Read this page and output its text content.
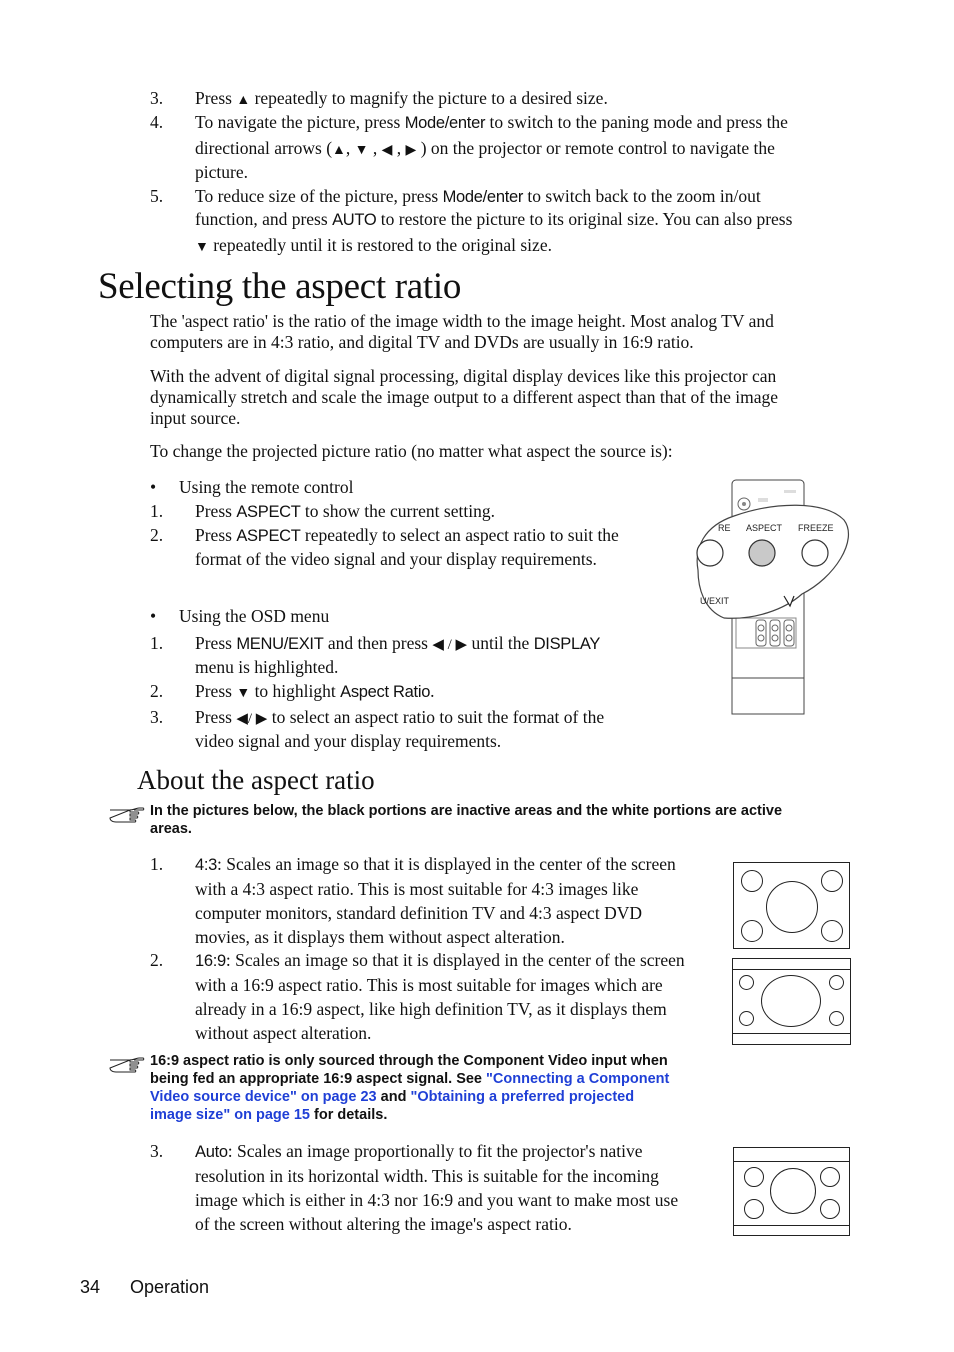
3. Press ▲ repeatedly to magnify the picture to a desired size.
4. To navigate the picture, press Mode/enter to switch to the paning mode and press the
directional arrows (▲, ▼ , ◀ , ▶ ) on the projector or remote control to navigate the
picture.
5. To reduce size of the picture, press Mode/enter to switch back to the zoom in/out
function, and press AUTO to restore the picture to its original size. You can also press
▼ repeatedly until it is restored to the original size.
Selecting the aspect ratio
The 'aspect ratio' is the ratio of the image width to the image height. Most analog TV and
computers are in 4:3 ratio, and digital TV and DVDs are usually in 16:9 ratio.
With the advent of digital signal processing, digital display devices like this projector can
dynamically stretch and scale the image output to a different aspect than that of the image
input source.
To change the projected picture ratio (no matter what aspect the source is):
• Using the remote control
1. Press ASPECT to show the current setting.
2. Press ASPECT repeatedly to select an aspect ratio to suit the
format of the video signal and your display requirements.
RE ASPECT FREEZE
U/EXIT
• Using the OSD menu
1. Press MENU/EXIT and then press ◀ / ▶ until the DISPLAY
menu is highlighted.
2. Press ▼ to highlight Aspect Ratio.
3. Press ◀/ ▶ to select an aspect ratio to suit the format of the
video signal and your display requirements.
About the aspect ratio
In the pictures below, the black portions are inactive areas and the white portions are active
areas.
1. 4:3: Scales an image so that it is displayed in the center of the screen
with a 4:3 aspect ratio. This is most suitable for 4:3 images like
computer monitors, standard definition TV and 4:3 aspect DVD
movies, as it displays them without aspect alteration.
2. 16:9: Scales an image so that it is displayed in the center of the screen
with a 16:9 aspect ratio. This is most suitable for images which are
already in a 16:9 aspect, like high definition TV, as it displays them
without aspect alteration.
16:9 aspect ratio is only sourced through the Component Video input when
being fed an appropriate 16:9 aspect signal. See "Connecting a Component
Video source device" on page 23 and "Obtaining a preferred projected
image size" on page 15 for details.
3. Auto: Scales an image proportionally to fit the projector's native
resolution in its horizontal width. This is suitable for the incoming
image which is either in 4:3 nor 16:9 and you want to make most use
of the screen without altering the image's aspect ratio.
34 Operation
